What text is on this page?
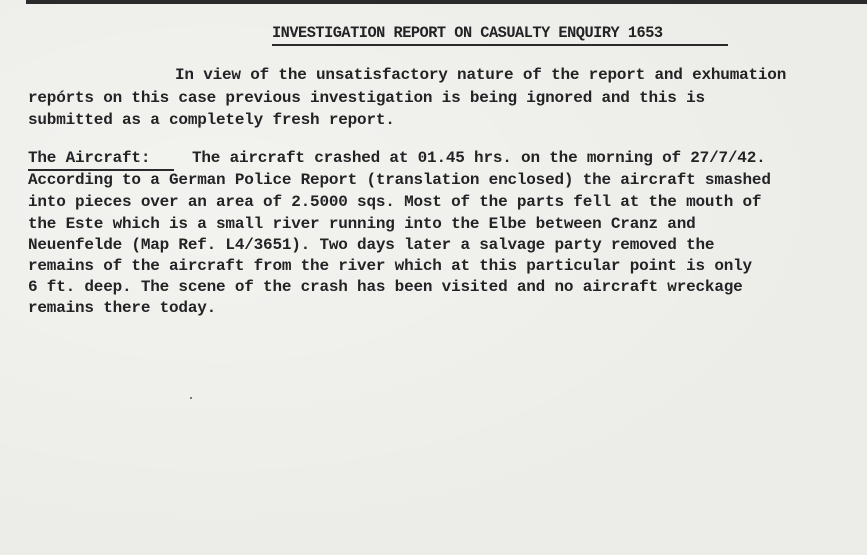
INVESTIGATION REPORT ON CASUALTY ENQUIRY 1653
In view of the unsatisfactory nature of the report and exhumation
repórts on this case previous investigation is being ignored and this is
submitted as a completely fresh report.
The Aircraft:	The aircraft crashed at 01.45 hrs. on the morning of 27/7/42.
According to a German Police Report (translation enclosed) the aircraft smashed
into pieces over an area of 2.5000 sqs. Most of the parts fell at the mouth of
the Este which is a small river running into the Elbe between Cranz and
Neuenfelde (Map Ref. L4/3651). Two days later a salvage party removed the
remains of the aircraft from the river which at this particular point is only
6 ft. deep. The scene of the crash has been visited and no aircraft wreckage
remains there today.
